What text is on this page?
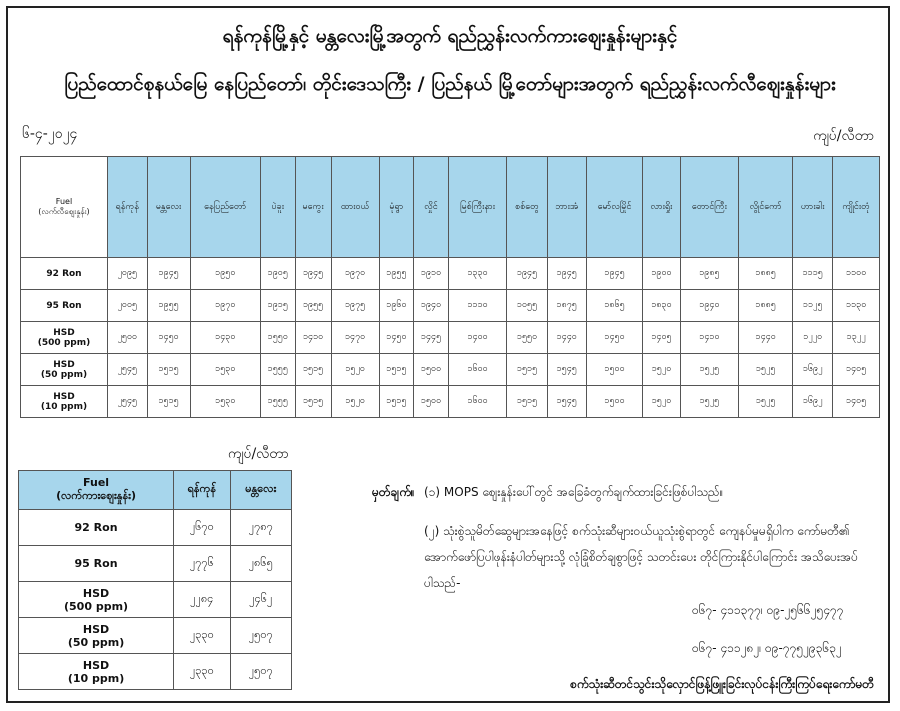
ရန်ကုန်မြို့နှင့် မန္တလေးမြို့အတွက် ရည်ညွှန်းလက်ကားဈေးနှုန်းများနှင့်
ပြည်ထောင်စုနယ်မြေ နေပြည်တော်၊ တိုင်းဒေသကြီး / ပြည်နယ် မြို့တော်များအတွက် ရည်ညွှန်းလက်လီဈေးနှုန်းများ
၆-၄-၂၀၂၄	ကျပ်/လီတာ
Fuel
(လက်လီဈေးနှုန်း)	ရန်ကုန်	မန္တလေး	နေပြည်တော်	ပဲခူး	မကွေး	ထားဝယ်	မုံရွာ	လှိုင်	မြစ်ကြီးနား	စစ်တွေ	ဘားအံ	မော်လမြိုင်	လားရှိုး	တောင်ကြီး	လွိုင်ကော်	ဟားခါး	ကျိုင်းတုံ

92 Ron	၂၀၉၅	၁၉၄၅	၁၉၅၀	၁၉၀၅	၁၉၄၅	၁၉၇၀	၁၉၅၅	၁၉၁၀	၁၃၃၀	၁၉၄၅	၁၉၄၅	၁၉၄၅	၁၉၀၀	၁၉၈၅	၁၈၈၅	၁၁၁၅	၁၁၀၀

95 Ron	၂၀၀၅	၁၉၅၅	၁၉၇၀	၁၉၁၅	၁၉၅၅	၁၉၇၅	၁၉၆၀	၁၉၄၀	၁၁၁၀	၁၀၅၅	၁၈၇၅	၁၈၆၅	၁၈၃၀	၁၉၄၀	၁၈၈၅	၁၁၂၅	၁၁၃၀

HSD
(500 ppm)	၂၅၀၀	၁၄၅၀	၁၄၃၀	၁၅၅၀	၁၄၁၀	၁၄၇၀	၁၄၅၀	၁၄၄၅	၁၄၀၀	၁၅၅၀	၁၄၄၀	၁၄၅၀	၁၄၀၅	၁၄၁၀	၁၄၄၀	၁၂၂၀	၁၃၂၂

HSD
(50 ppm)	၂၅၄၅	၁၅၁၅	၁၅၃၀	၁၅၅၅	၁၅၁၅	၁၅၂၀	၁၅၁၅	၁၅၀၀	၁၆၀၀	၁၅၁၅	၁၅၄၅	၁၅၀၀	၁၅၂၀	၁၅၂၅	၁၅၂၅	၁၆၉၂	၁၄၀၅

HSD
(10 ppm)	၂၅၄၅	၁၅၁၅	၁၅၃၀	၁၅၅၅	၁၅၁၅	၁၅၂၀	၁၅၁၅	၁၅၀၀	၁၆၀၀	၁၅၁၅	၁၅၄၅	၁၅၀၀	၁၅၂၀	၁၅၂၅	၁၅၂၅	၁၆၉၂	၁၄၀၅
ကျပ်/လီတာ
Fuel
(လက်ကားဈေးနှုန်း)	ရန်ကုန်	မန္တလေး

92 Ron	၂၆၇၀	၂၇၈၇

95 Ron	၂၇၇၆	၂၈၆၅

HSD
(500 ppm)	၂၂၈၄	၂၄၆၂

HSD
(50 ppm)	၂၃၃၀	၂၅၀၇

HSD
(10 ppm)	၂၃၃၀	၂၅၀၇
မှတ်ချက်။ (၁) MOPS ဈေးနှုန်းပေါ်တွင် အခြေခံတွက်ချက်ထားခြင်းဖြစ်ပါသည်။
(၂) သုံးစွဲသူမိတ်ဆွေများအနေဖြင့် စက်သုံးဆီများဝယ်ယူသုံးစွဲရာတွင် ကျေနပ်မှုမရှိပါက ကော်မတီ၏ အောက်ဖော်ပြပါဖုန်းနံပါတ်များသို့ လုံခြုံစိတ်ချစွာဖြင့် သတင်းပေး တိုင်ကြားနိုင်ပါကြောင်း အသိပေးအပ်ပါသည်-
၀၆၇- ၄၁၁၃၇၇၊ ၀၉-၂၅၆၆၂၅၄၇၇
၀၆၇- ၄၁၁၂၈၂၊ ၀၉-၇၇၅၂၉၃၆၃၂
စက်သုံးဆီတင်သွင်းသိုလှောင်ဖြန့်ဖြူးခြင်းလုပ်ငန်းကြီးကြပ်ရေးကော်မတီ
